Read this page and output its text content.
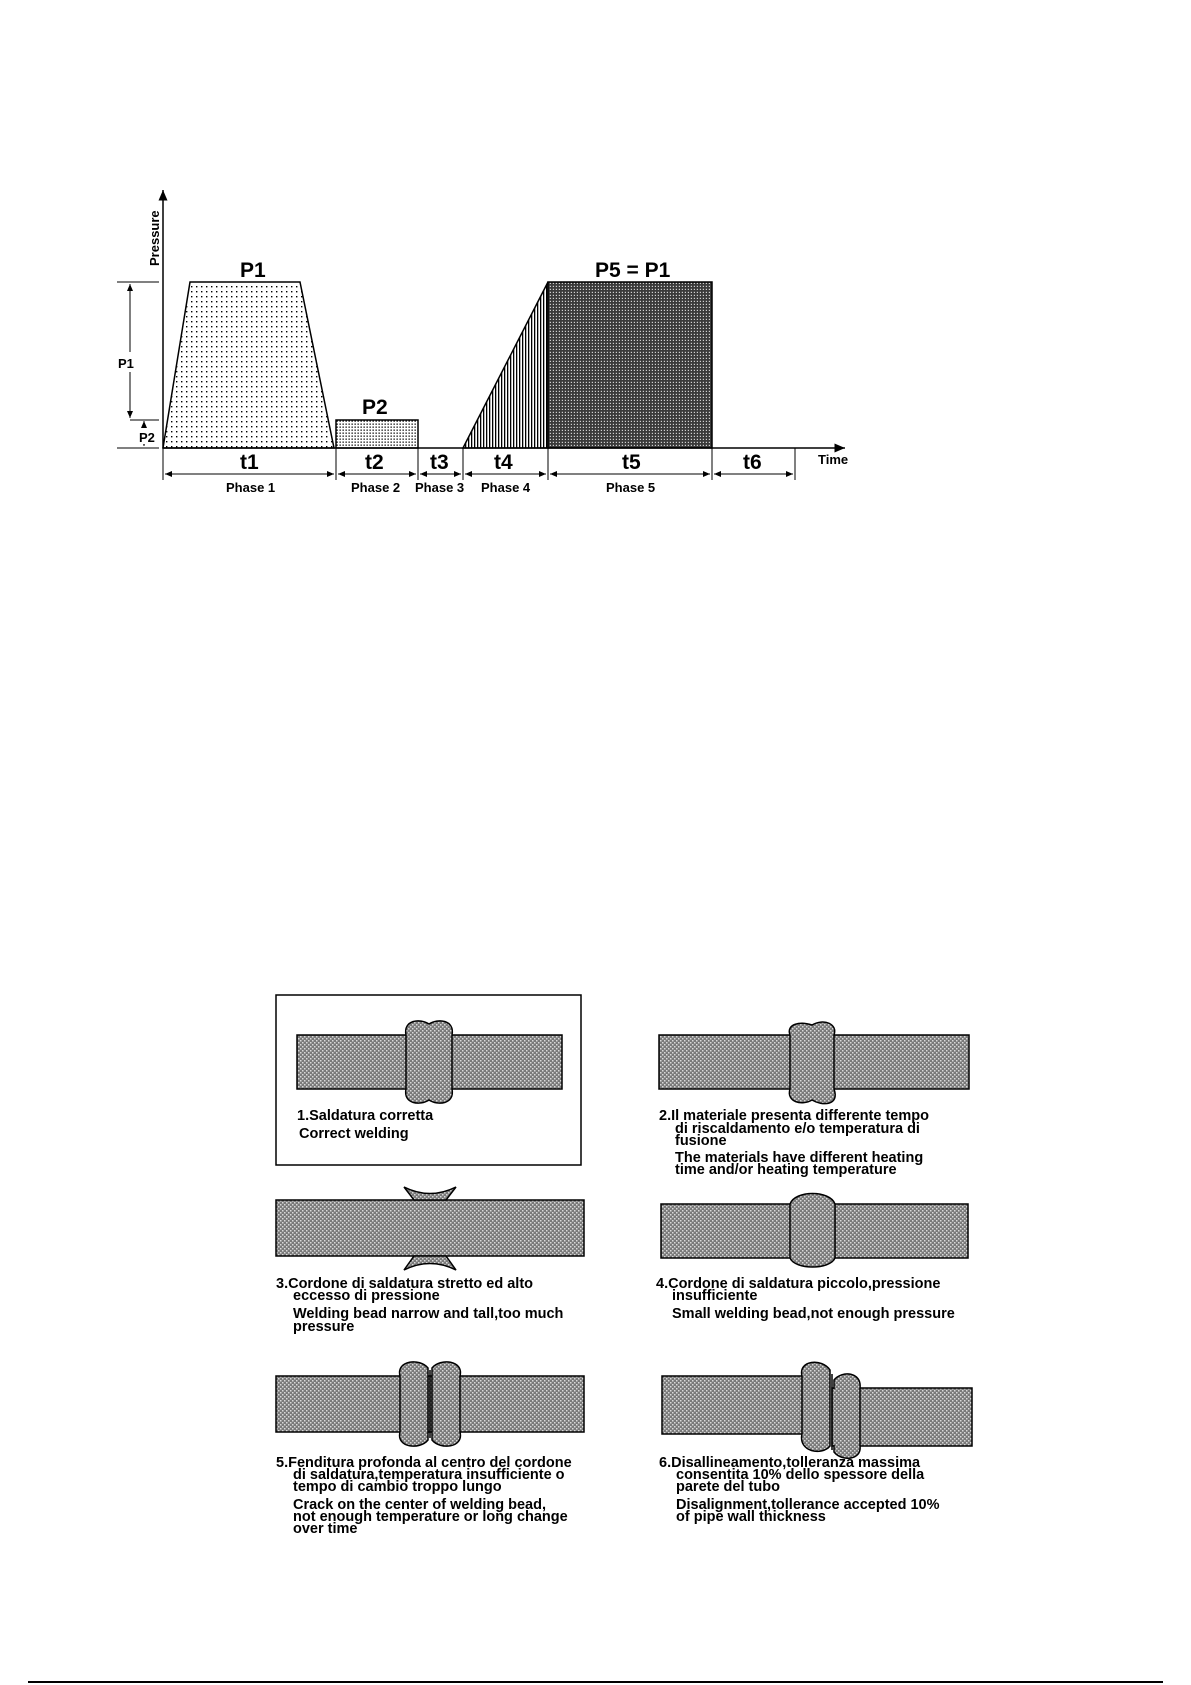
Pressure
Time
P1
P2
P5 = P1
P1
P2
t1	t2 t3 t4	t5	t6
Phase 1	Phase 2 Phase 3 Phase 4	Phase 5
1.Saldatura corretta
Correct welding
2.Il materiale presenta differente tempo
di riscaldamento e/o temperatura di
fusione
The materials have different heating
time and/or heating temperature
3.Cordone di saldatura stretto ed alto
eccesso di pressione
Welding bead narrow and tall,too much
pressure
4.Cordone di saldatura piccolo,pressione
insufficiente
Small welding bead,not enough pressure
5.Fenditura profonda al centro del cordone
di saldatura,temperatura insufficiente o
tempo di cambio troppo lungo
Crack on the center of welding bead,
not enough temperature or long change
over time
6.Disallineamento,tolleranza massima
consentita 10% dello spessore della
parete del tubo
Disalignment,tollerance accepted 10%
of pipe wall thickness
